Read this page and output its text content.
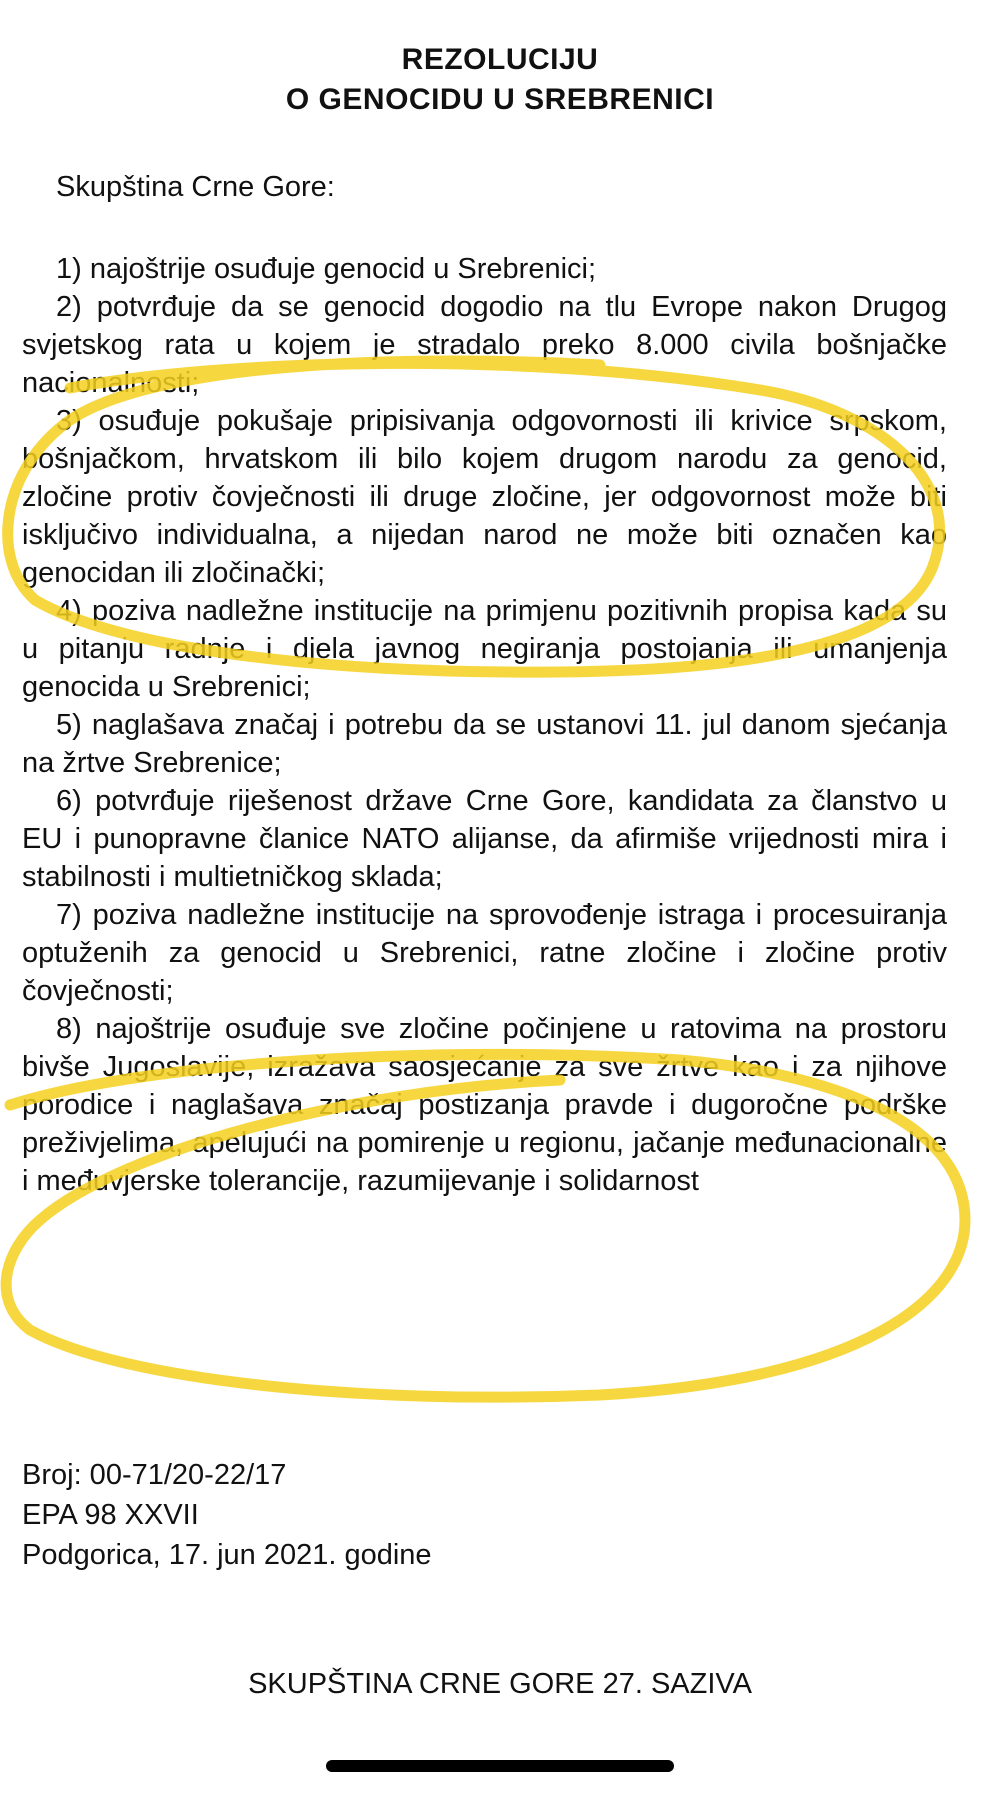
REZOLUCIJU
O GENOCIDU U SREBRENICI
Skupština Crne Gore:

1) najoštrije osuđuje genocid u Srebrenici;

2) potvrđuje da se genocid dogodio na tlu Evrope nakon Drugog svjetskog rata u kojem je stradalo preko 8.000 civila bošnjačke nacionalnosti;

3) osuđuje pokušaje pripisivanja odgovornosti ili krivice srpskom, bošnjačkom, hrvatskom ili bilo kojem drugom narodu za genocid, zločine protiv čovječnosti ili druge zločine, jer odgovornost može biti isključivo individualna, a nijedan narod ne može biti označen kao genocidan ili zločinački;

4) poziva nadležne institucije na primjenu pozitivnih propisa kada su u pitanju radnje i djela javnog negiranja postojanja ili umanjenja genocida u Srebrenici;

5) naglašava značaj i potrebu da se ustanovi 11. jul danom sjećanja na žrtve Srebrenice;

6) potvrđuje riješenost države Crne Gore, kandidata za članstvo u EU i punopravne članice NATO alijanse, da afirmiše vrijednosti mira i stabilnosti i multietničkog sklada;

7) poziva nadležne institucije na sprovođenje istraga i procesuiranja optuženih za genocid u Srebrenici, ratne zločine i zločine protiv čovječnosti;

8) najoštrije osuđuje sve zločine počinjene u ratovima na prostoru bivše Jugoslavije, izražava saosjećanje za sve žrtve kao i za njihove porodice i naglašava značaj postizanja pravde i dugoročne podrške preživjelima, apelujući na pomirenje u regionu, jačanje međunacionalne i međuvjerske tolerancije, razumijevanje i solidarnost

Broj: 00-71/20-22/17
EPA 98 XXVII
Podgorica, 17. jun 2021. godine
SKUPŠTINA CRNE GORE 27. SAZIVA
